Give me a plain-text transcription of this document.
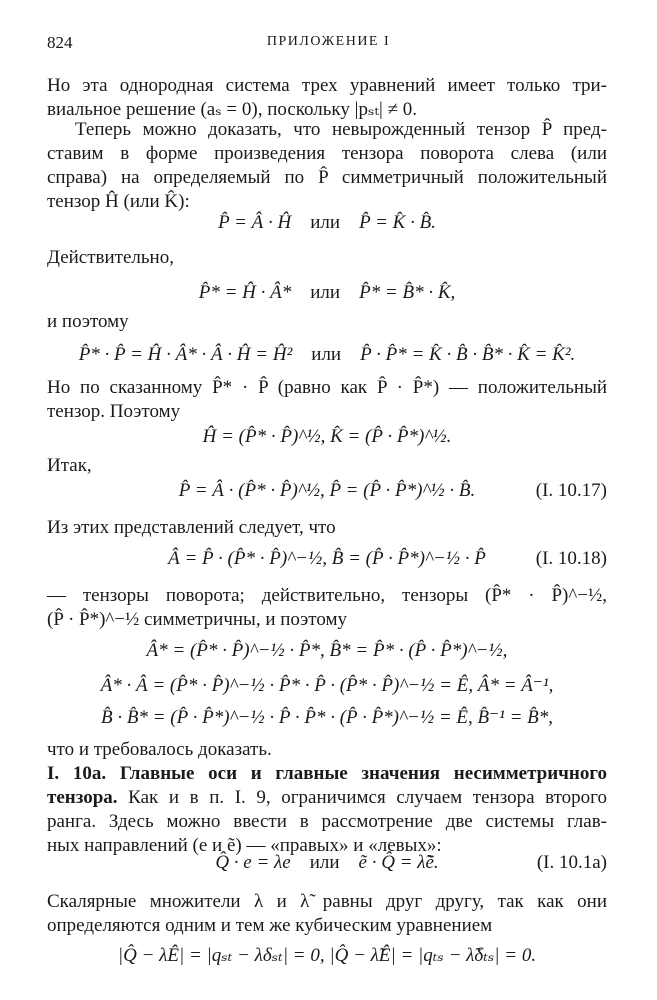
824	ПРИЛОЖЕНИЕ I
Но эта однородная система трех уравнений имеет только три-
виальное решение (aₛ = 0), поскольку |pₛₜ| ≠ 0.
Теперь можно доказать, что невырожденный тензор P̂ пред-
ставим в форме произведения тензора поворота слева (или
справа) на определяемый по P̂ симметричный положительный
тензор Ĥ (или K̂):
P̂ = Â · Ĥ или P̂ = K̂ · B̂.
Действительно,
P̂* = Ĥ · Â* или P̂* = B̂* · K̂,
и поэтому
P̂* · P̂ = Ĥ · Â* · Â · Ĥ = Ĥ² или P̂ · P̂* = K̂ · B̂ · B̂* · K̂ = K̂².
Но по сказанному P̂* · P̂ (равно как P̂ · P̂*) — положительный
тензор. Поэтому
Ĥ = (P̂* · P̂)^½, K̂ = (P̂ · P̂*)^½.
Итак,
P̂ = Â · (P̂* · P̂)^½, P̂ = (P̂ · P̂*)^½ · B̂.	(I. 10.17)
Из этих представлений следует, что
Â = P̂ · (P̂* · P̂)^−½, B̂ = (P̂ · P̂*)^−½ · P̂	(I. 10.18)
— тензоры поворота; действительно, тензоры (P̂* · P̂)^−½,
(P̂ · P̂*)^−½ симметричны, и поэтому
Â* = (P̂* · P̂)^−½ · P̂*, B̂* = P̂* · (P̂ · P̂*)^−½,
Â* · Â = (P̂* · P̂)^−½ · P̂* · P̂ · (P̂* · P̂)^−½ = Ê, Â* = Â⁻¹,
B̂ · B̂* = (P̂ · P̂*)^−½ · P̂ · P̂* · (P̂ · P̂*)^−½ = Ê, B̂⁻¹ = B̂*,
что и требовалось доказать.
I. 10a. Главные оси и главные значения несимметричного
тензора. Как и в п. I. 9, ограничимся случаем тензора второго
ранга. Здесь можно ввести в рассмотрение две системы глав-
ных направлений (e и ẽ) — «правых» и «левых»:
Q̂ · e = λe или ẽ · Q̂ = λ̃ẽ.	(I. 10.1a)
Скалярные множители λ и λ̃ равны друг другу, так как они
определяются одним и тем же кубическим уравнением
|Q̂ − λÊ| = |qₛₜ − λδₛₜ| = 0, |Q̂ − λ̃Ê| = |qₜₛ − λ̃δₜₛ| = 0.
